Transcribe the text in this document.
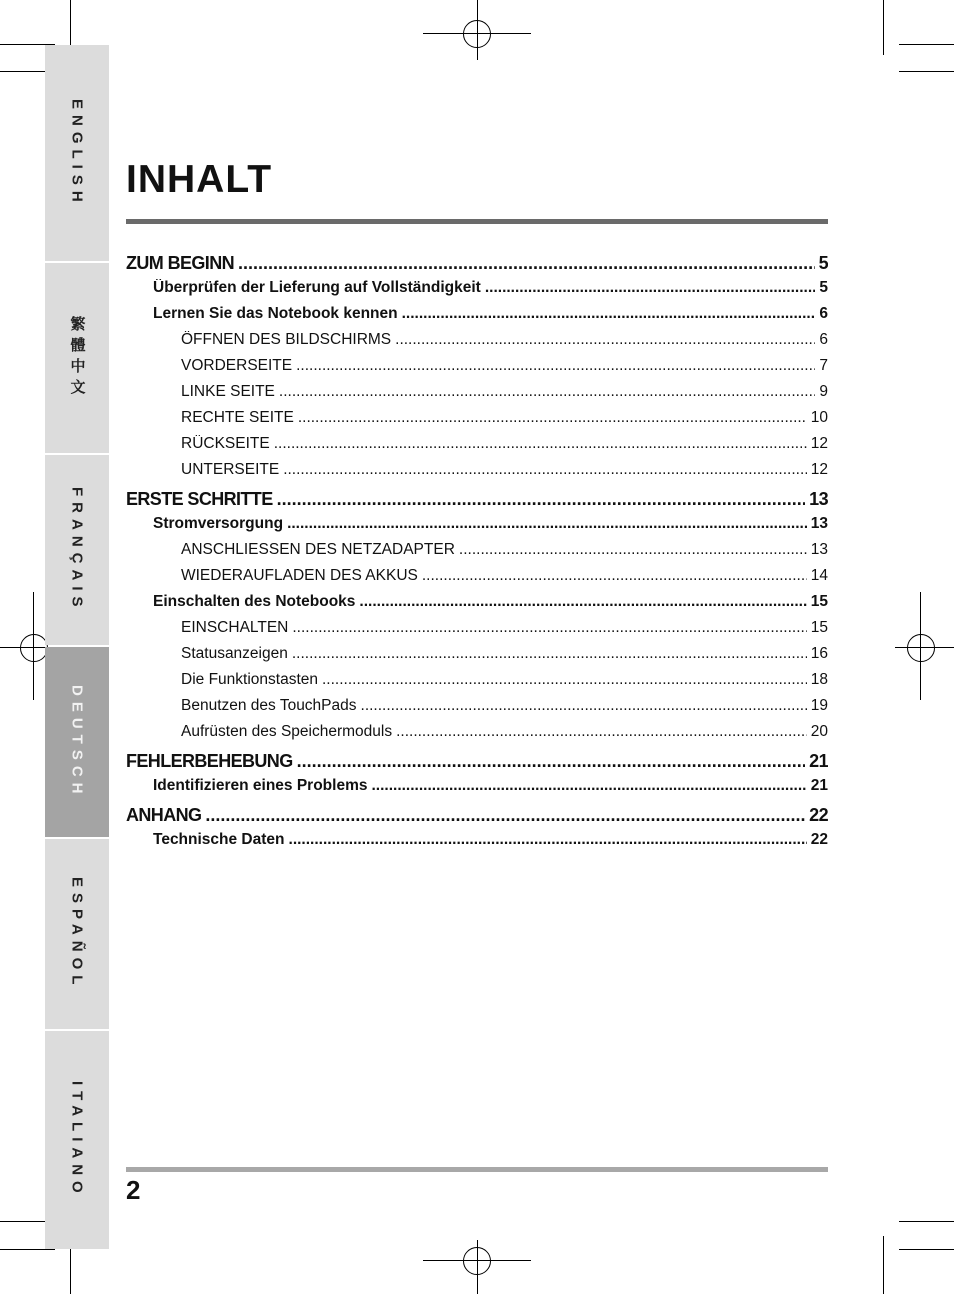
ENGLISH
繁體中文
FRANÇAIS
DEUTSCH
ESPAÑOL
ITALIANO
INHALT
ZUM BEGINN .....	5
Überprüfen der Lieferung auf Vollständigkeit .....	5
Lernen Sie das Notebook kennen .....	6
ÖFFNEN DES BILDSCHIRMS .....	6
VORDERSEITE .....	7
LINKE SEITE .....	9
RECHTE SEITE .....	10
RÜCKSEITE .....	12
UNTERSEITE .....	12
ERSTE SCHRITTE .....	13
Stromversorgung .....	13
ANSCHLIESSEN DES NETZADAPTER .....	13
WIEDERAUFLADEN DES AKKUS .....	14
Einschalten des Notebooks .....	15
EINSCHALTEN .....	15
Statusanzeigen .....	16
Die Funktionstasten .....	18
Benutzen des TouchPads .....	19
Aufrüsten des Speichermoduls .....	20
FEHLERBEHEBUNG .....	21
Identifizieren eines Problems .....	21
ANHANG .....	22
Technische Daten .....	22
2
